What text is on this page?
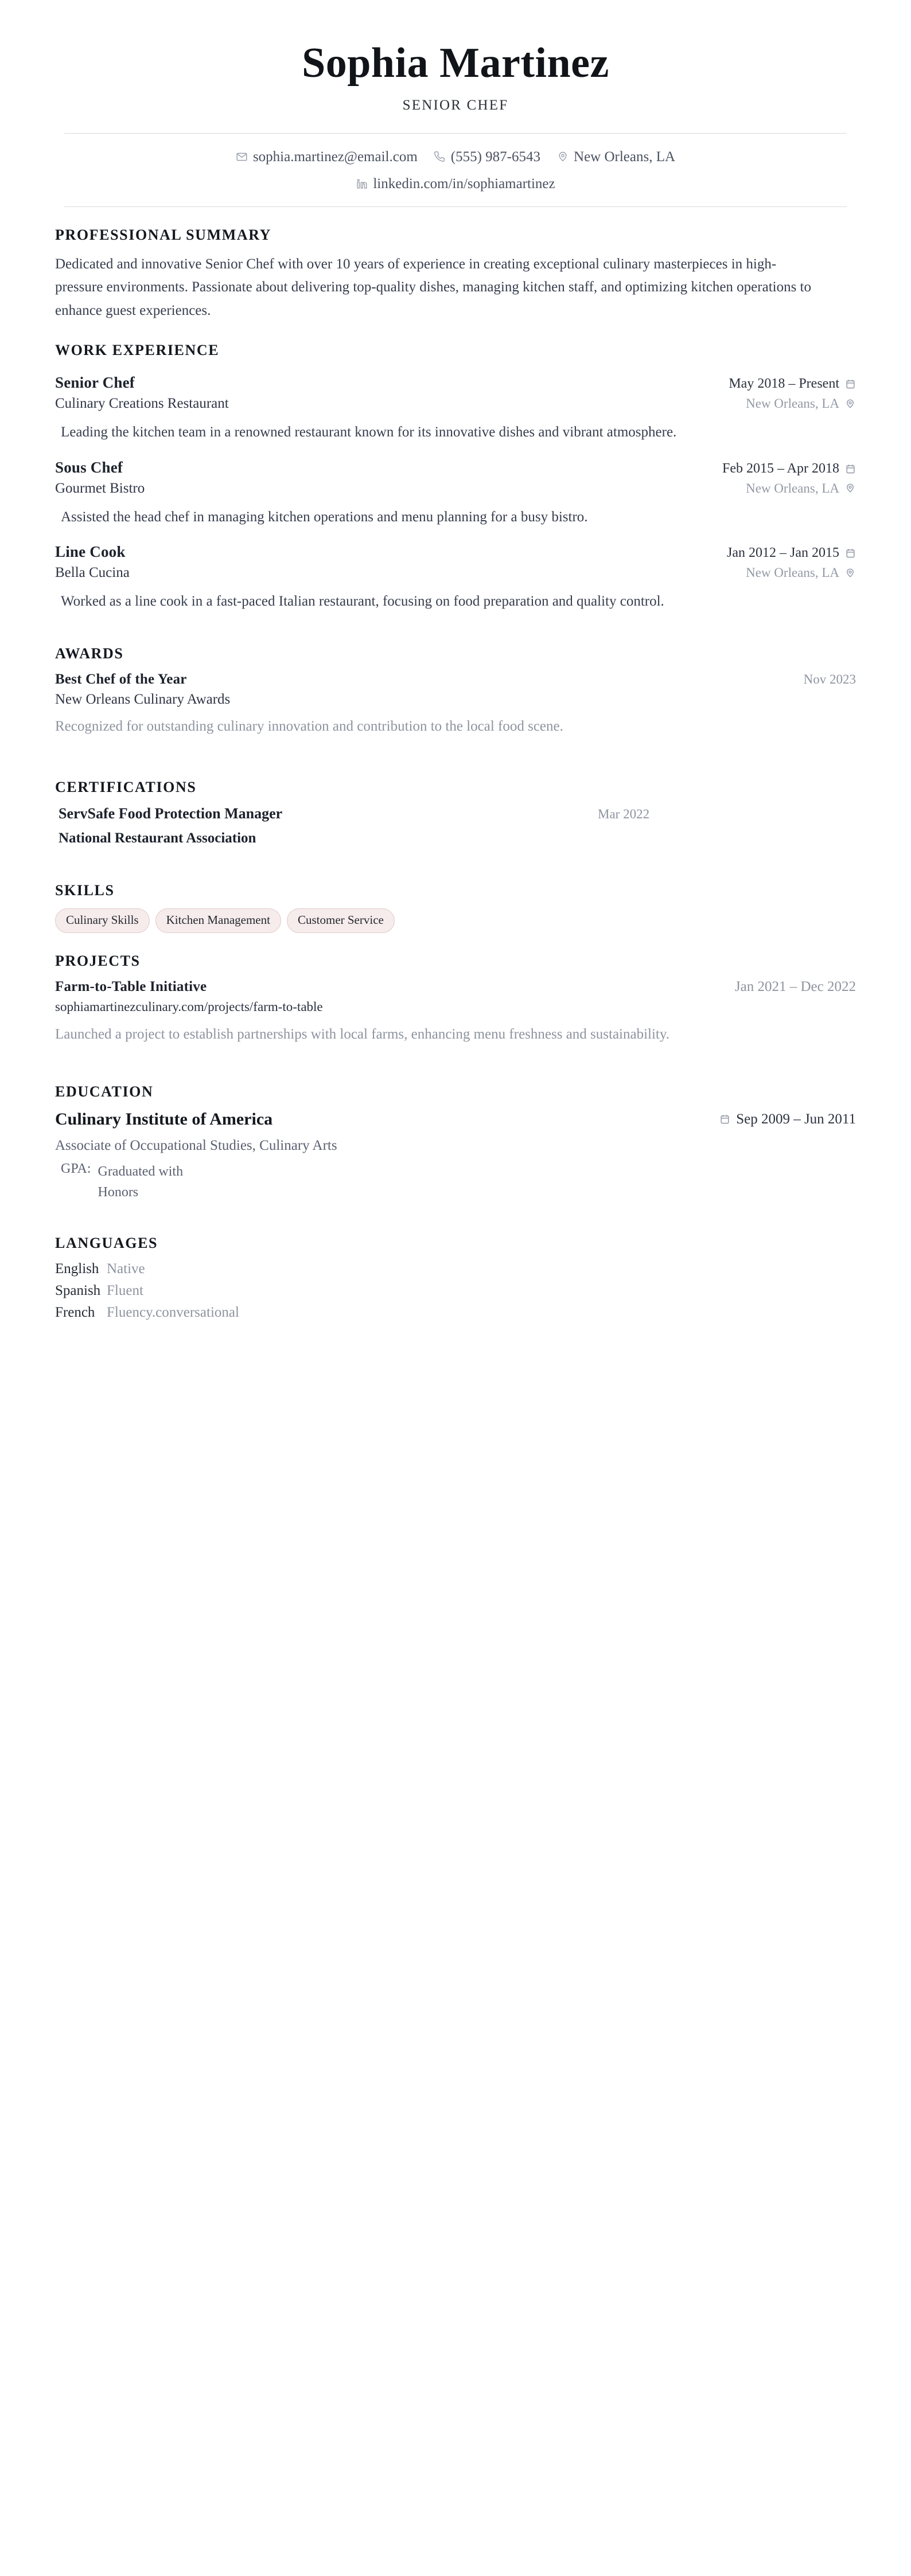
Sophia Martinez
SENIOR CHEF
sophia.martinez@email.com (555) 987-6543 New Orleans, LA
linkedin.com/in/sophiamartinez
PROFESSIONAL SUMMARY
Dedicated and innovative Senior Chef with over 10 years of experience in creating exceptional culinary masterpieces in high-pressure environments. Passionate about delivering top-quality dishes, managing kitchen staff, and optimizing kitchen operations to enhance guest experiences.
WORK EXPERIENCE
Senior Chef	May 2018 – Present
Culinary Creations Restaurant	New Orleans, LA
Leading the kitchen team in a renowned restaurant known for its innovative dishes and vibrant atmosphere.
Sous Chef	Feb 2015 – Apr 2018
Gourmet Bistro	New Orleans, LA
Assisted the head chef in managing kitchen operations and menu planning for a busy bistro.
Line Cook	Jan 2012 – Jan 2015
Bella Cucina	New Orleans, LA
Worked as a line cook in a fast-paced Italian restaurant, focusing on food preparation and quality control.
AWARDS
Best Chef of the Year	Nov 2023
New Orleans Culinary Awards
Recognized for outstanding culinary innovation and contribution to the local food scene.
CERTIFICATIONS
ServSafe Food Protection Manager	Mar 2022
National Restaurant Association
SKILLS
Culinary Skills	Kitchen Management	Customer Service
PROJECTS
Farm-to-Table Initiative	Jan 2021 – Dec 2022
sophiamartinezculinary.com/projects/farm-to-table
Launched a project to establish partnerships with local farms, enhancing menu freshness and sustainability.
EDUCATION
Culinary Institute of America	Sep 2009 – Jun 2011
Associate of Occupational Studies, Culinary Arts
GPA: Graduated with Honors
LANGUAGES
English Native
Spanish Fluent
French Fluency.conversational
